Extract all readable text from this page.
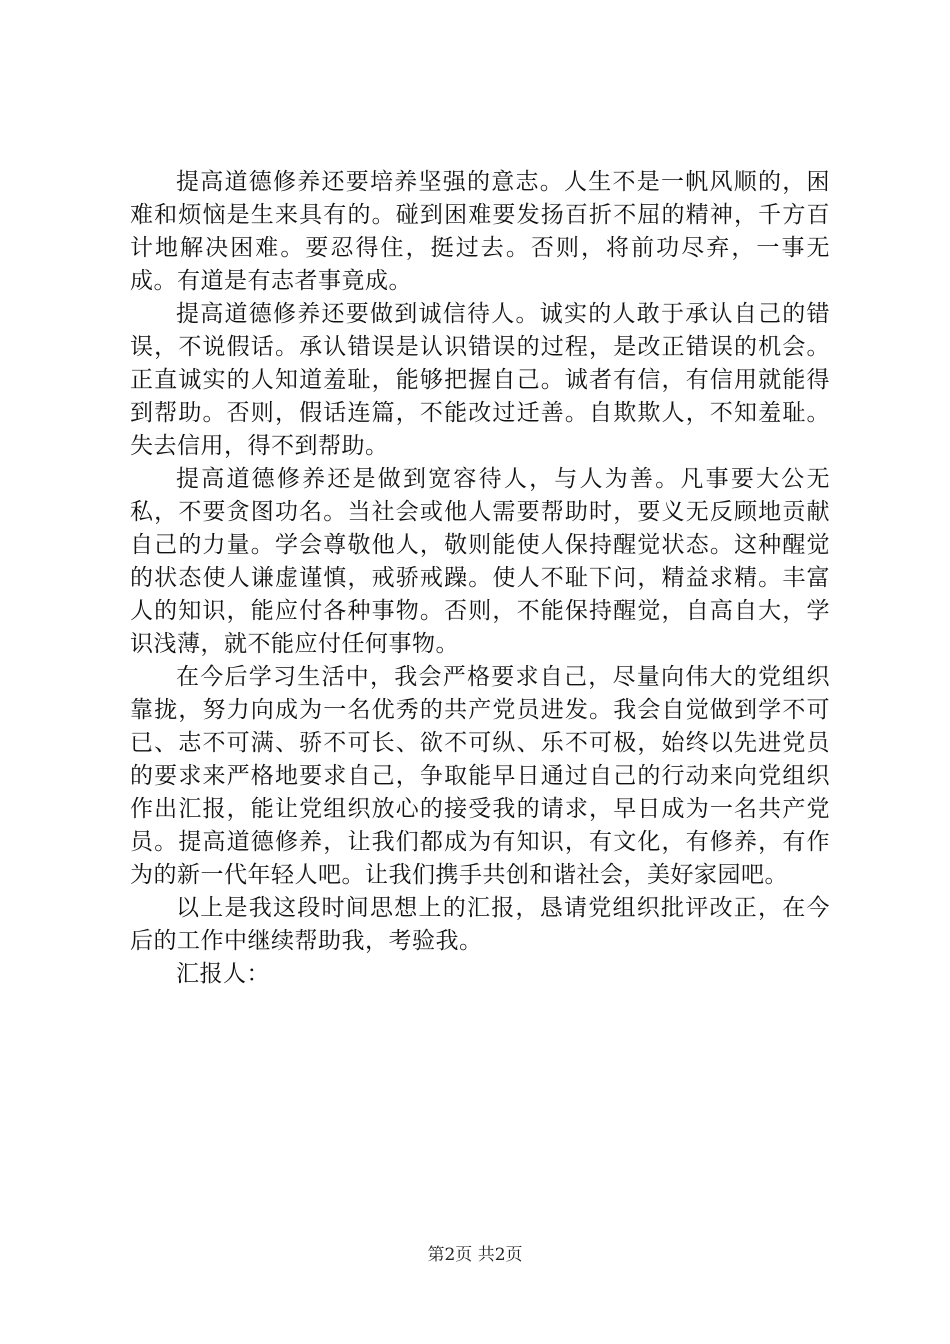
提高道德修养还要培养坚强的意志。人生不是一帆风顺的，困难和烦恼是生来具有的。碰到困难要发扬百折不屈的精神，千方百计地解决困难。要忍得住，挺过去。否则，将前功尽弃，一事无成。有道是有志者事竟成。

提高道德修养还要做到诚信待人。诚实的人敢于承认自己的错误，不说假话。承认错误是认识错误的过程，是改正错误的机会。正直诚实的人知道羞耻，能够把握自己。诚者有信，有信用就能得到帮助。否则，假话连篇，不能改过迁善。自欺欺人，不知羞耻。失去信用，得不到帮助。

提高道德修养还是做到宽容待人，与人为善。凡事要大公无私，不要贪图功名。当社会或他人需要帮助时，要义无反顾地贡献自己的力量。学会尊敬他人，敬则能使人保持醒觉状态。这种醒觉的状态使人谦虚谨慎，戒骄戒躁。使人不耻下问，精益求精。丰富人的知识，能应付各种事物。否则，不能保持醒觉，自高自大，学识浅薄，就不能应付任何事物。

在今后学习生活中，我会严格要求自己，尽量向伟大的党组织靠拢，努力向成为一名优秀的共产党员进发。我会自觉做到学不可已、志不可满、骄不可长、欲不可纵、乐不可极，始终以先进党员的要求来严格地要求自己，争取能早日通过自己的行动来向党组织作出汇报，能让党组织放心的接受我的请求，早日成为一名共产党员。提高道德修养，让我们都成为有知识，有文化，有修养，有作为的新一代年轻人吧。让我们携手共创和谐社会，美好家园吧。

以上是我这段时间思想上的汇报，恳请党组织批评改正，在今后的工作中继续帮助我，考验我。

汇报人：

第2页 共2页
